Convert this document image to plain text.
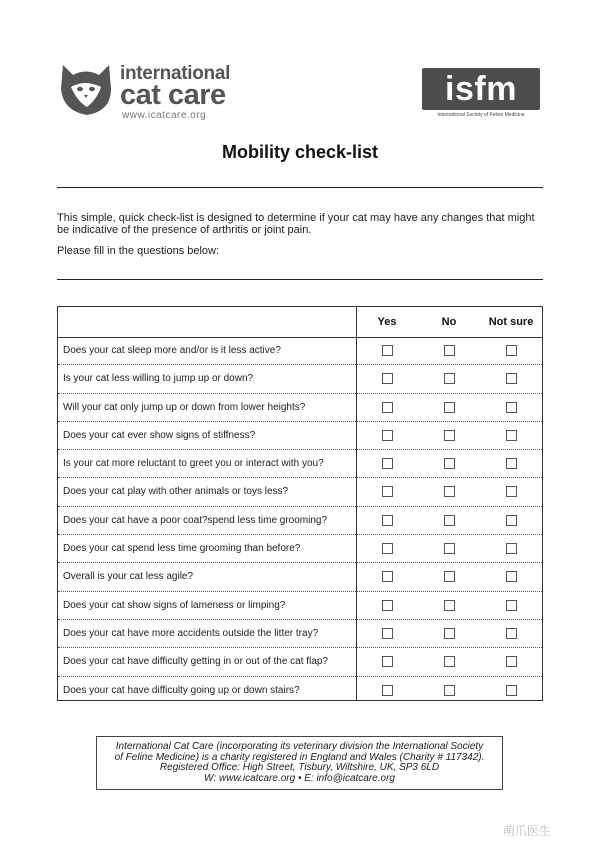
international
cat care
www.icatcare.org
isfm
International Society of Feline Medicine
Mobility check-list
This simple, quick check-list is designed to determine if your cat may have any changes that might be indicative of the presence of arthritis or joint pain.
Please fill in the questions below:
Yes	No	Not sure
Does your cat sleep more and/or is it less active?
Is your cat less willing to jump up or down?
Will your cat only jump up or down from lower heights?
Does your cat ever show signs of stiffness?
Is your cat more reluctant to greet you or interact with you?
Does your cat play with other animals or toys less?
Does your cat have a poor coat?spend less time grooming?
Does your cat spend less time grooming than before?
Overall is your cat less agile?
Does your cat show signs of lameness or limping?
Does your cat have more accidents outside the litter tray?
Does your cat have difficulty getting in or out of the cat flap?
Does your cat have difficulty going up or down stairs?
International Cat Care (incorporating its veterinary division the International Society
of Feline Medicine) is a charity registered in England and Wales (Charity # 117342).
Registered Office: High Street, Tisbury, Wiltshire, UK, SP3 6LD
W: www.icatcare.org • E: info@icatcare.org
萌爪医生
